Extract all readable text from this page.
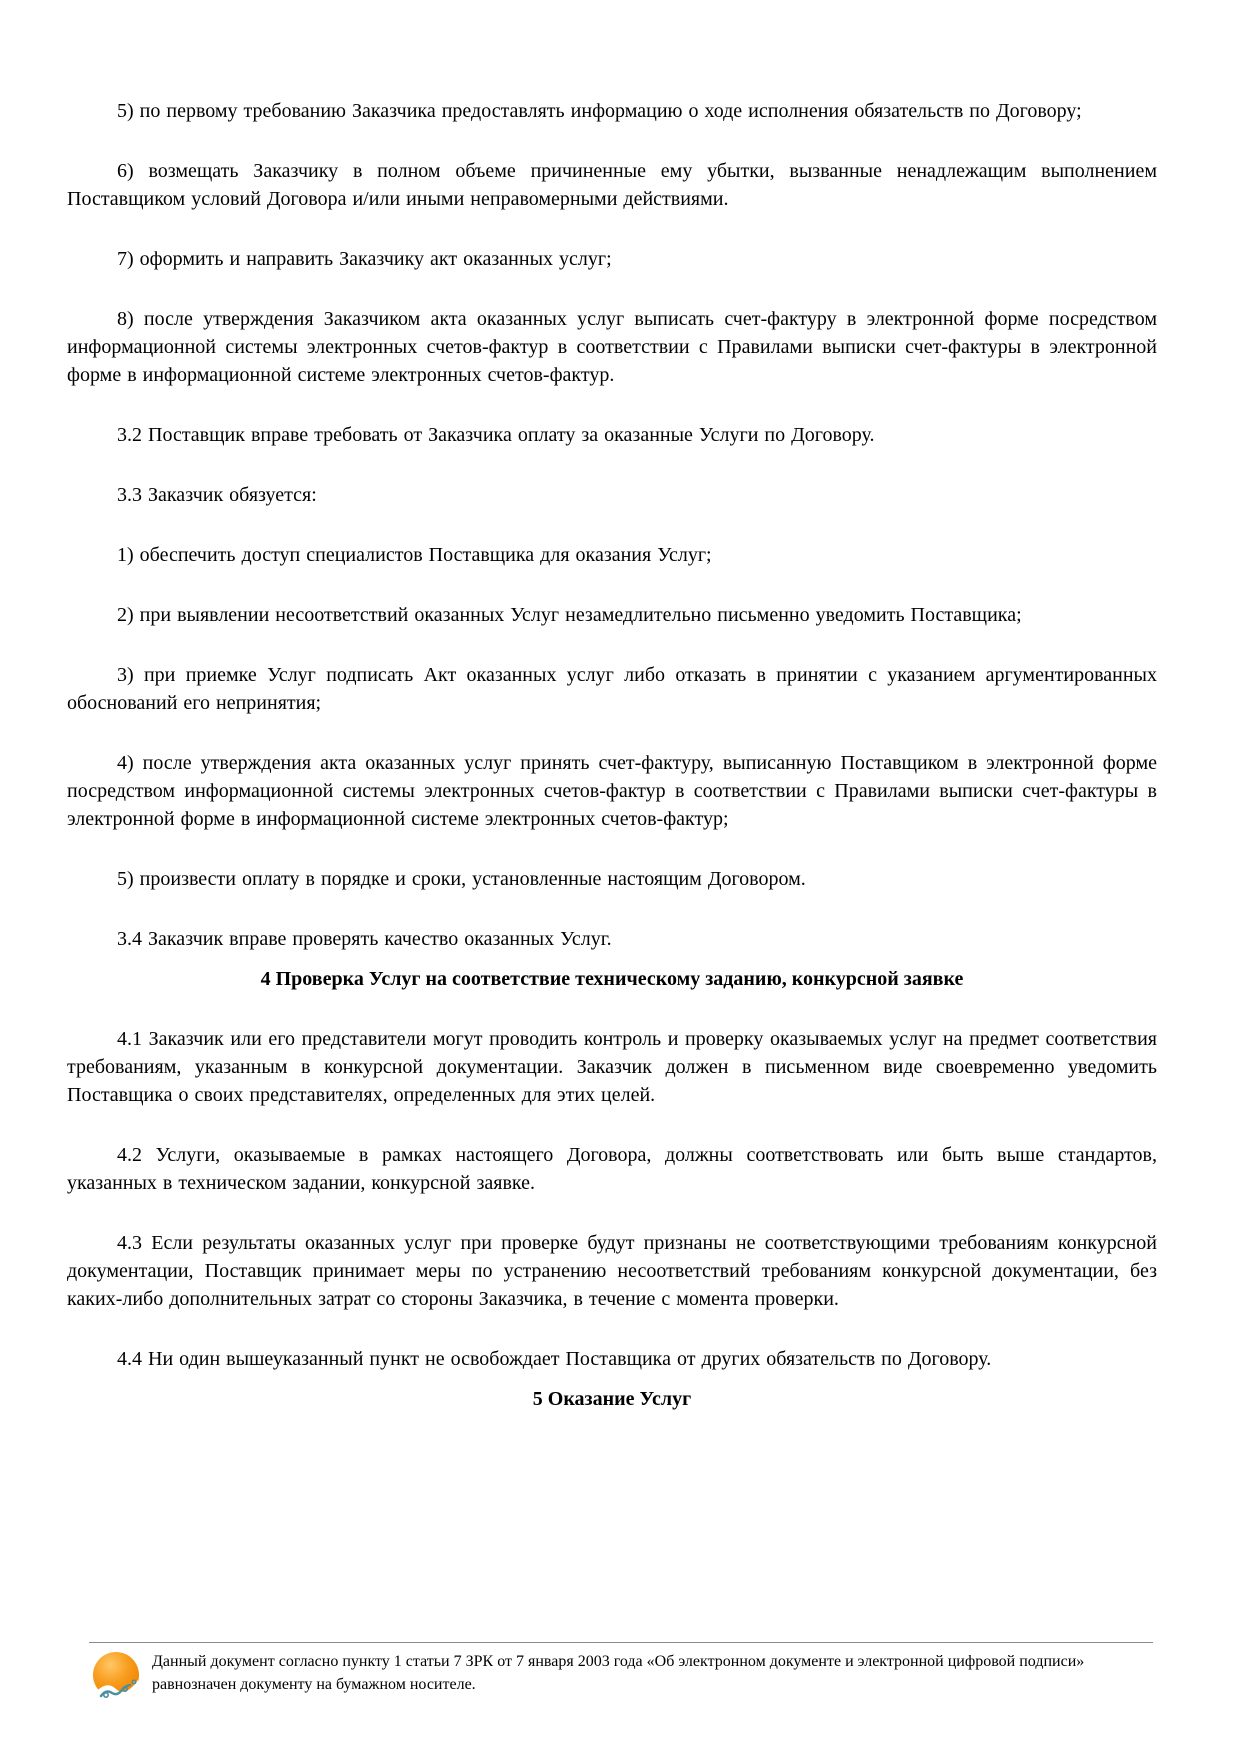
5) по первому требованию Заказчика предоставлять информацию о ходе исполнения обязательств по Договору;

6) возмещать Заказчику в полном объеме причиненные ему убытки, вызванные ненадлежащим выполнением Поставщиком условий Договора и/или иными неправомерными действиями.

7) оформить и направить Заказчику акт оказанных услуг;

8) после утверждения Заказчиком акта оказанных услуг выписать счет-фактуру в электронной форме посредством информационной системы электронных счетов-фактур в соответствии с Правилами выписки счет-фактуры в электронной форме в информационной системе электронных счетов-фактур.

3.2 Поставщик вправе требовать от Заказчика оплату за оказанные Услуги по Договору.

3.3 Заказчик обязуется:

1) обеспечить доступ специалистов Поставщика для оказания Услуг;

2) при выявлении несоответствий оказанных Услуг незамедлительно письменно уведомить Поставщика;

3) при приемке Услуг подписать Акт оказанных услуг либо отказать в принятии с указанием аргументированных обоснований его непринятия;

4) после утверждения акта оказанных услуг принять счет-фактуру, выписанную Поставщиком в электронной форме посредством информационной системы электронных счетов-фактур в соответствии с Правилами выписки счет-фактуры в электронной форме в информационной системе электронных счетов-фактур;

5) произвести оплату в порядке и сроки, установленные настоящим Договором.

3.4 Заказчик вправе проверять качество оказанных Услуг.

4 Проверка Услуг на соответствие техническому заданию, конкурсной заявке

4.1 Заказчик или его представители могут проводить контроль и проверку оказываемых услуг на предмет соответствия требованиям, указанным в конкурсной документации. Заказчик должен в письменном виде своевременно уведомить Поставщика о своих представителях, определенных для этих целей.

4.2 Услуги, оказываемые в рамках настоящего Договора, должны соответствовать или быть выше стандартов, указанных в техническом задании, конкурсной заявке.

4.3 Если результаты оказанных услуг при проверке будут признаны не соответствующими требованиям конкурсной документации, Поставщик принимает меры по устранению несоответствий требованиям конкурсной документации, без каких-либо дополнительных затрат со стороны Заказчика, в течение с момента проверки.

4.4 Ни один вышеуказанный пункт не освобождает Поставщика от других обязательств по Договору.

5 Оказание Услуг
Данный документ согласно пункту 1 статьи 7 ЗРК от 7 января 2003 года «Об электронном документе и электронной цифровой подписи» равнозначен документу на бумажном носителе.
